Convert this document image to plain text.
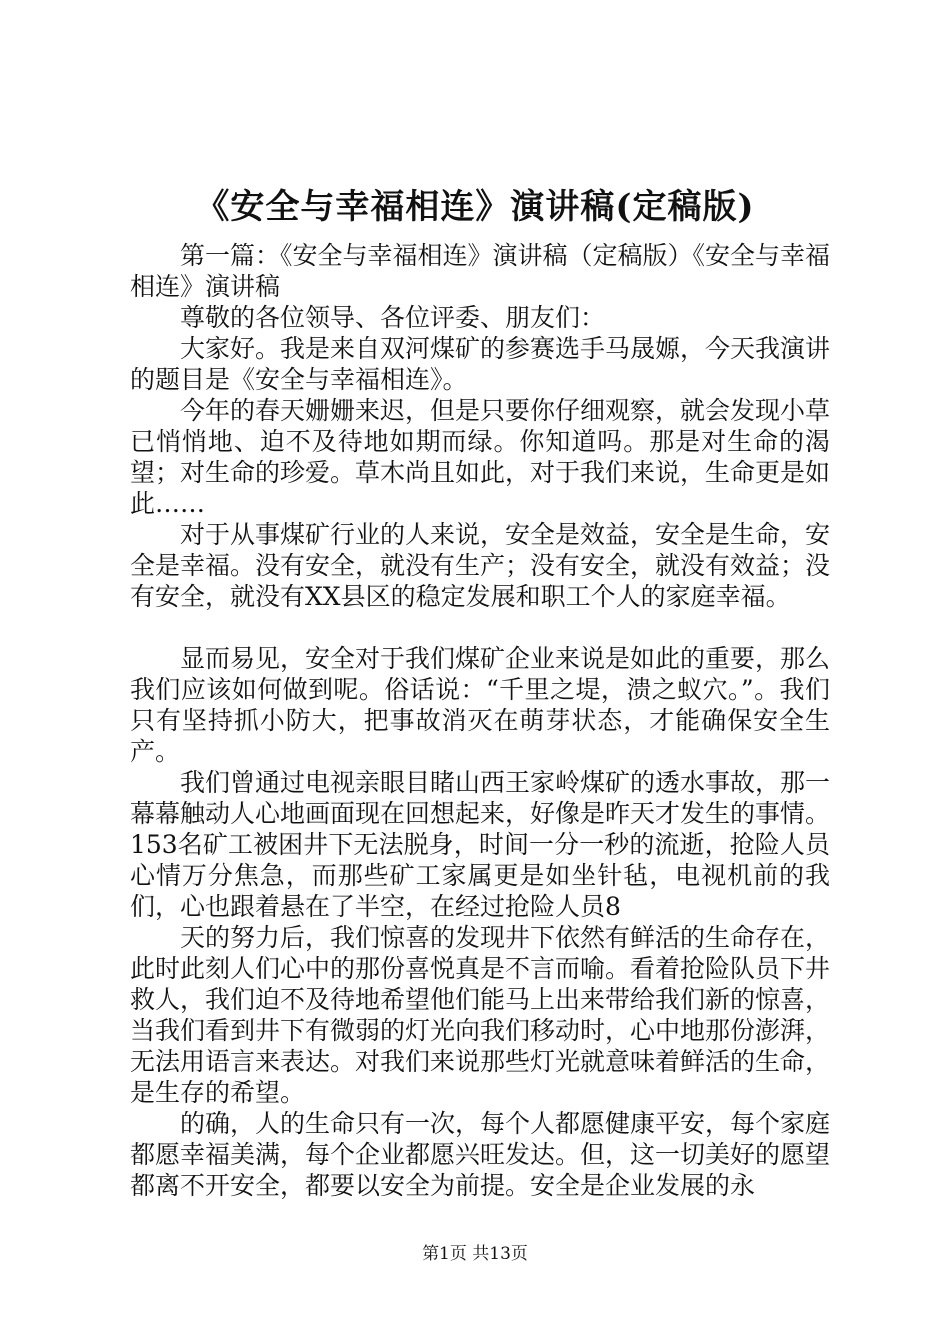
《安全与幸福相连》演讲稿(定稿版)

第一篇：《安全与幸福相连》演讲稿（定稿版）《安全与幸福相连》演讲稿

尊敬的各位领导、各位评委、朋友们：

大家好。我是来自双河煤矿的参赛选手马晟嫄，今天我演讲的题目是《安全与幸福相连》。

今年的春天姗姗来迟，但是只要你仔细观察，就会发现小草已悄悄地、迫不及待地如期而绿。你知道吗。那是对生命的渴望；对生命的珍爱。草木尚且如此，对于我们来说，生命更是如此……

对于从事煤矿行业的人来说，安全是效益，安全是生命，安全是幸福。没有安全，就没有生产；没有安全，就没有效益；没有安全，就没有XX县区的稳定发展和职工个人的家庭幸福。

显而易见，安全对于我们煤矿企业来说是如此的重要，那么我们应该如何做到呢。俗话说：“千里之堤，溃之蚁穴。”。我们只有坚持抓小防大，把事故消灭在萌芽状态，才能确保安全生产。

我们曾通过电视亲眼目睹山西王家岭煤矿的透水事故，那一幕幕触动人心地画面现在回想起来，好像是昨天才发生的事情。153名矿工被困井下无法脱身，时间一分一秒的流逝，抢险人员心情万分焦急，而那些矿工家属更是如坐针毡，电视机前的我们，心也跟着悬在了半空，在经过抢险人员8

天的努力后，我们惊喜的发现井下依然有鲜活的生命存在，此时此刻人们心中的那份喜悦真是不言而喻。看着抢险队员下井救人，我们迫不及待地希望他们能马上出来带给我们新的惊喜，当我们看到井下有微弱的灯光向我们移动时，心中地那份澎湃，无法用语言来表达。对我们来说那些灯光就意味着鲜活的生命，是生存的希望。

的确，人的生命只有一次，每个人都愿健康平安，每个家庭都愿幸福美满，每个企业都愿兴旺发达。但，这一切美好的愿望都离不开安全，都要以安全为前提。安全是企业发展的永

第1页 共13页
